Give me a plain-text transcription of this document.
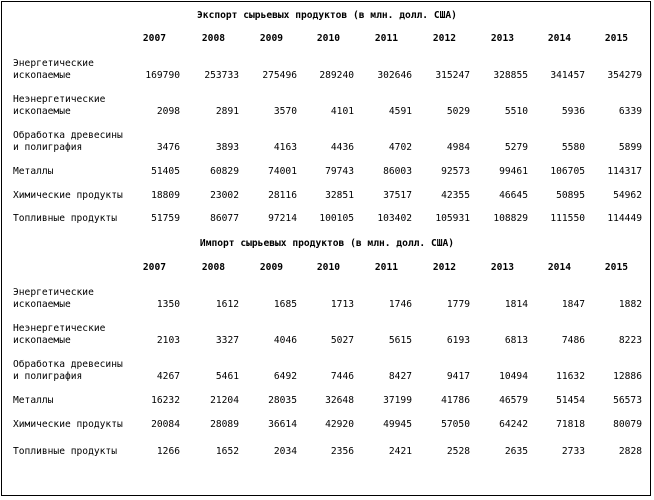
Экспорт сырьевых продуктов (в млн. долл. США)
2007	2008	2009	2010	2011	2012	2013	2014	2015
Энергетические
ископаемые	169790	253733	275496	289240	302646	315247	328855	341457	354279
Неэнергетические
ископаемые	2098	2891	3570	4101	4591	5029	5510	5936	6339
Обработка древесины
и полиграфия	3476	3893	4163	4436	4702	4984	5279	5580	5899
Металлы	51405	60829	74001	79743	86003	92573	99461	106705	114317
Химические продукты	18809	23002	28116	32851	37517	42355	46645	50895	54962
Топливные продукты	51759	86077	97214	100105	103402	105931	108829	111550	114449
Импорт сырьевых продуктов (в млн. долл. США)
2007	2008	2009	2010	2011	2012	2013	2014	2015
Энергетические
ископаемые	1350	1612	1685	1713	1746	1779	1814	1847	1882
Неэнергетические
ископаемые	2103	3327	4046	5027	5615	6193	6813	7486	8223
Обработка древесины
и полиграфия	4267	5461	6492	7446	8427	9417	10494	11632	12886
Металлы	16232	21204	28035	32648	37199	41786	46579	51454	56573
Химические продукты	20084	28089	36614	42920	49945	57050	64242	71818	80079
Топливные продукты	1266	1652	2034	2356	2421	2528	2635	2733	2828
